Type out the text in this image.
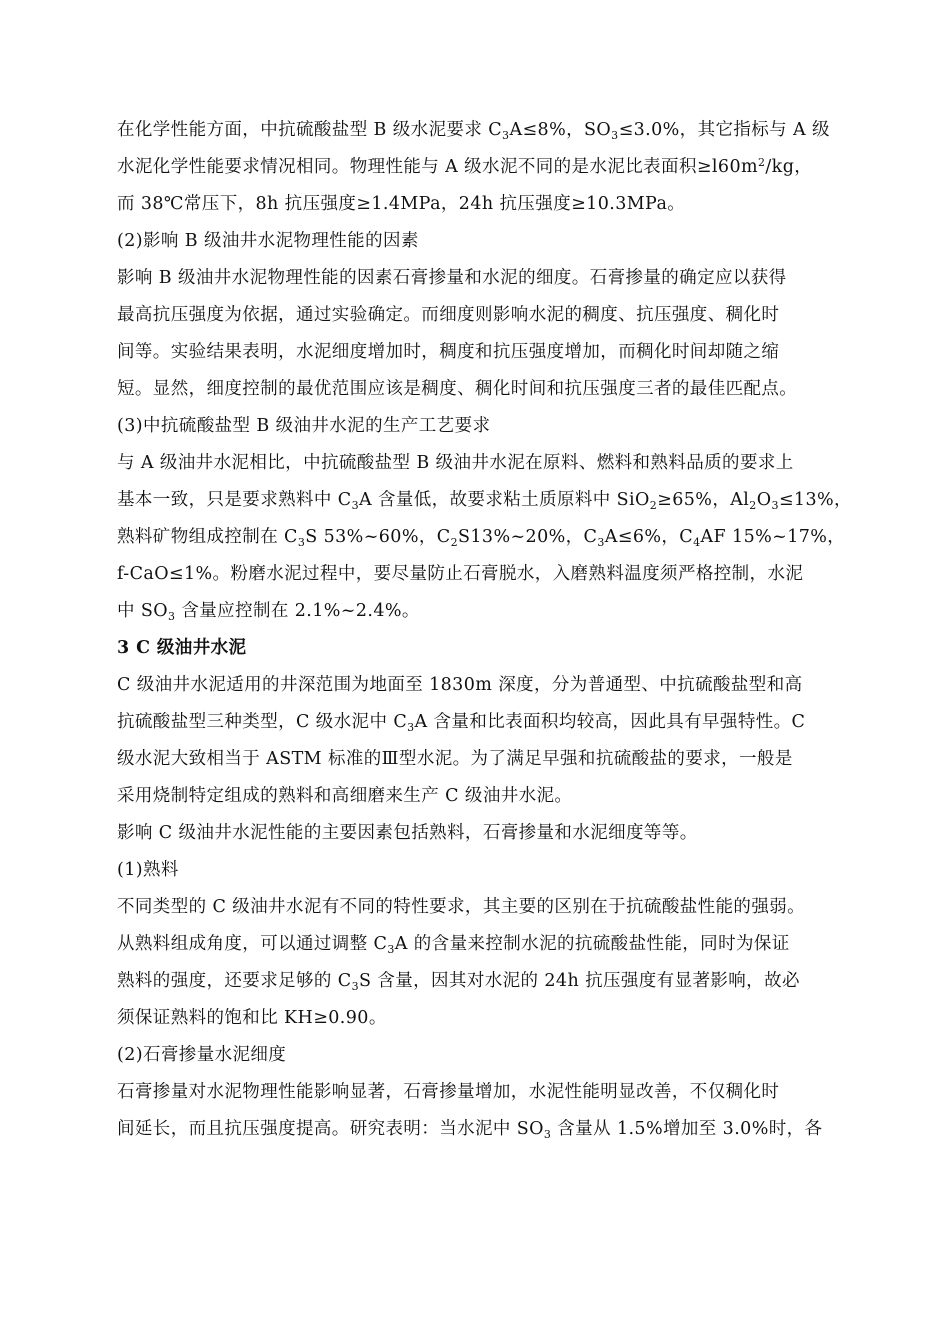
在化学性能方面，中抗硫酸盐型 B 级水泥要求 $C_3A\le 8\%$，$SO_3\le 3.0\%$，其它指标与 A 级
水泥化学性能要求情况相同。物理性能与 A 级水泥不同的是水泥比表面积$\ge l60m^2/kg$，
而 38℃常压下，8h 抗压强度≥1.4MPa，24h 抗压强度≥10.3MPa。
(2)影响 B 级油井水泥物理性能的因素
影响 B 级油井水泥物理性能的因素石膏掺量和水泥的细度。石膏掺量的确定应以获得
最高抗压强度为依据，通过实验确定。而细度则影响水泥的稠度、抗压强度、稠化时
间等。实验结果表明，水泥细度增加时，稠度和抗压强度增加，而稠化时间却随之缩
短。显然，细度控制的最优范围应该是稠度、稠化时间和抗压强度三者的最佳匹配点。
(3)中抗硫酸盐型 B 级油井水泥的生产工艺要求
与 A 级油井水泥相比，中抗硫酸盐型 B 级油井水泥在原料、燃料和熟料品质的要求上
基本一致，只是要求熟料中 $C_3A$ 含量低，故要求粘土质原料中 SiO$_2$≥65%，$Al_2O_3\le 13\%$，
熟料矿物组成控制在 $C_3S$ 53%~60%，$C_2S13\%\sim 20\%$，$C_3A\le 6\%$，$C_4AF$ 15%~17%，
f-CaO≤1%。粉磨水泥过程中，要尽量防止石膏脱水，入磨熟料温度须严格控制，水泥
中 $SO_3$ 含量应控制在 2.1%~2.4%。
3 C 级油井水泥
C 级油井水泥适用的井深范围为地面至 1830m 深度，分为普通型、中抗硫酸盐型和高
抗硫酸盐型三种类型，C 级水泥中 $C_3A$ 含量和比表面积均较高，因此具有早强特性。C
级水泥大致相当于 ASTM 标准的Ⅲ型水泥。为了满足早强和抗硫酸盐的要求，一般是
采用烧制特定组成的熟料和高细磨来生产 C 级油井水泥。
影响 C 级油井水泥性能的主要因素包括熟料，石膏掺量和水泥细度等等。
(1)熟料
不同类型的 C 级油井水泥有不同的特性要求，其主要的区别在于抗硫酸盐性能的强弱。
从熟料组成角度，可以通过调整 $C_3A$ 的含量来控制水泥的抗硫酸盐性能，同时为保证
熟料的强度，还要求足够的 $C_3S$ 含量，因其对水泥的 24h 抗压强度有显著影响，故必
须保证熟料的饱和比 KH≥0.90。
(2)石膏掺量水泥细度
石膏掺量对水泥物理性能影响显著，石膏掺量增加，水泥性能明显改善，不仅稠化时
间延长，而且抗压强度提高。研究表明：当水泥中 $SO_3$ 含量从 1.5%增加至 3.0%时，各
